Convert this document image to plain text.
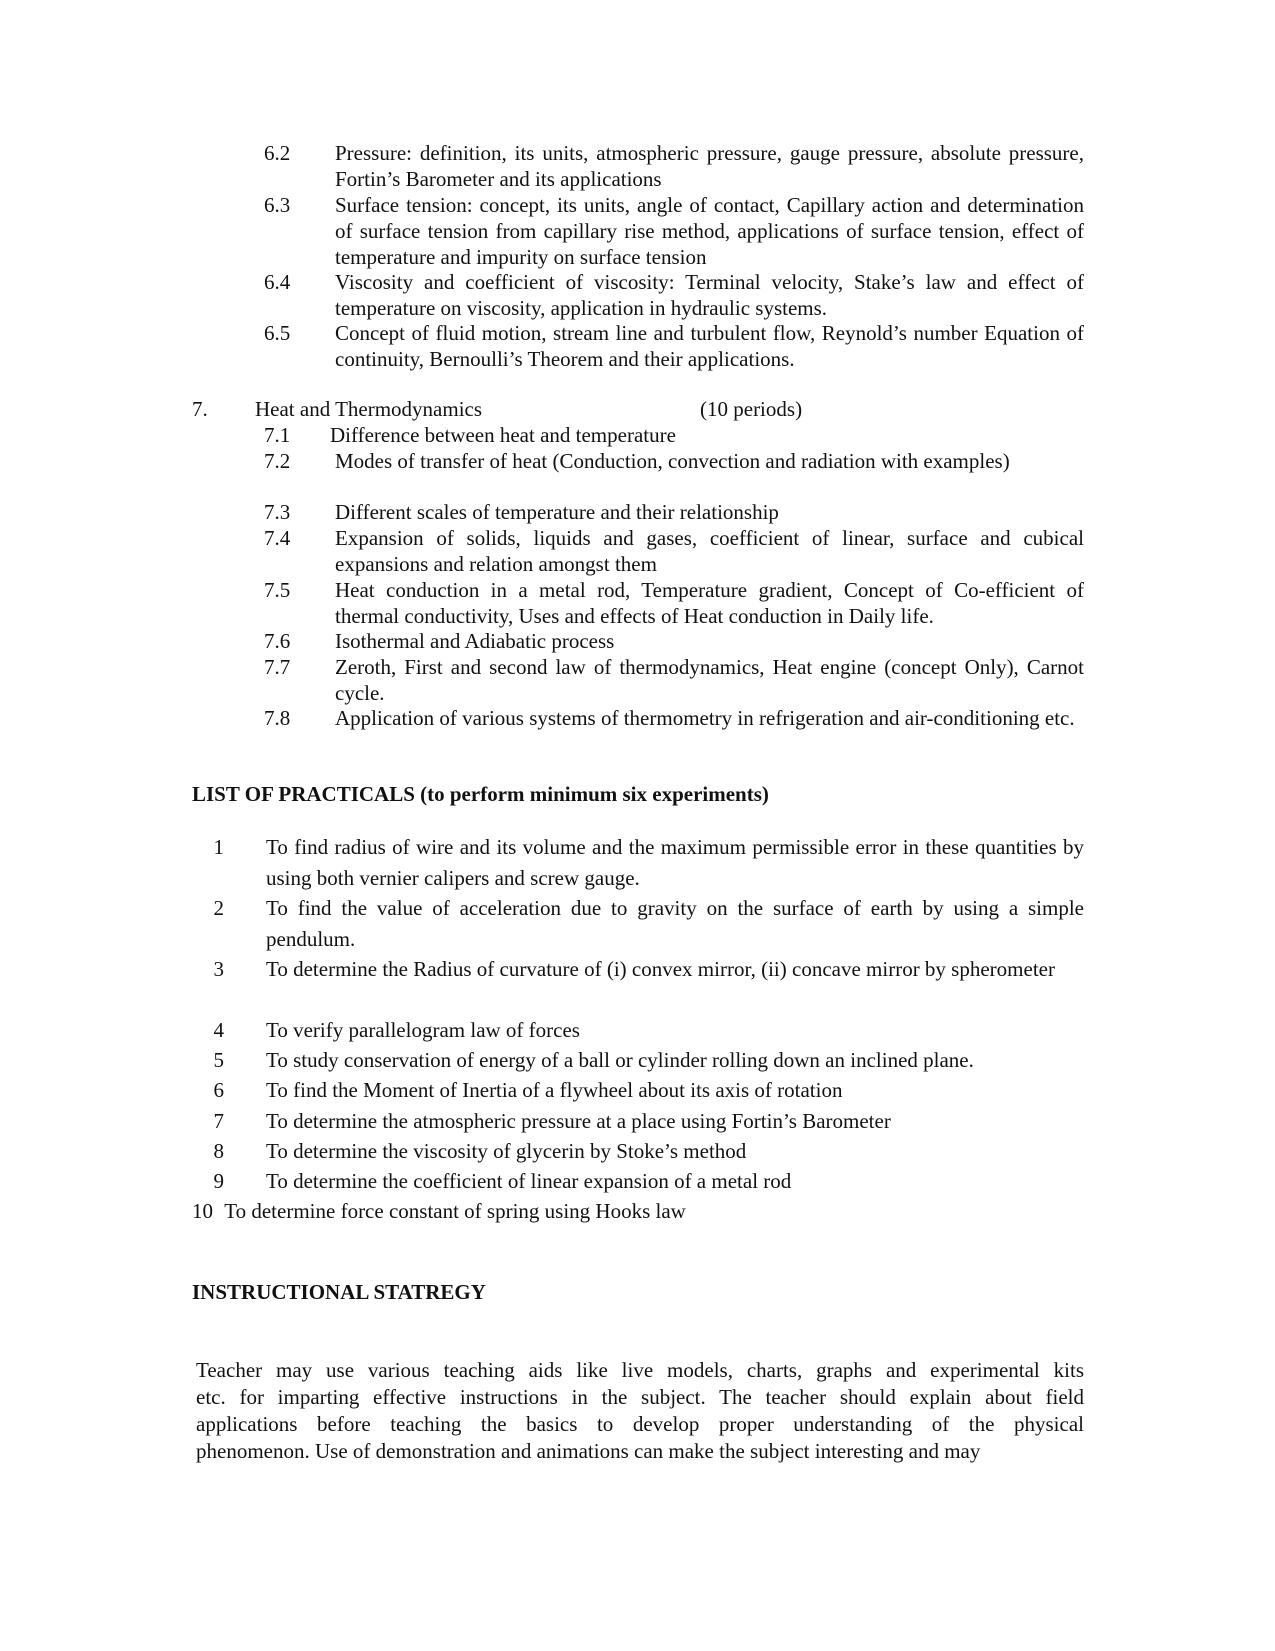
6.2 Pressure: definition, its units, atmospheric pressure, gauge pressure, absolute pressure, Fortin’s Barometer and its applications
6.3 Surface tension: concept, its units, angle of contact, Capillary action and determination of surface tension from capillary rise method, applications of surface tension, effect of temperature and impurity on surface tension
6.4 Viscosity and coefficient of viscosity: Terminal velocity, Stake’s law and effect of temperature on viscosity, application in hydraulic systems.
6.5 Concept of fluid motion, stream line and turbulent flow, Reynold’s number Equation of continuity, Bernoulli’s Theorem and their applications.
7. Heat and Thermodynamics	(10 periods)
7.1 Difference between heat and temperature
7.2 Modes of transfer of heat (Conduction, convection and radiation with examples)
7.3 Different scales of temperature and their relationship
7.4 Expansion of solids, liquids and gases, coefficient of linear, surface and cubical expansions and relation amongst them
7.5 Heat conduction in a metal rod, Temperature gradient, Concept of Co-efficient of thermal conductivity, Uses and effects of Heat conduction in Daily life.
7.6 Isothermal and Adiabatic process
7.7 Zeroth, First and second law of thermodynamics, Heat engine (concept Only), Carnot cycle.
7.8 Application of various systems of thermometry in refrigeration and air-conditioning etc.
LIST OF PRACTICALS (to perform minimum six experiments)
1 To find radius of wire and its volume and the maximum permissible error in these quantities by using both vernier calipers and screw gauge.
2 To find the value of acceleration due to gravity on the surface of earth by using a simple pendulum.
3 To determine the Radius of curvature of (i) convex mirror, (ii) concave mirror by spherometer
4 To verify parallelogram law of forces
5 To study conservation of energy of a ball or cylinder rolling down an inclined plane.
6 To find the Moment of Inertia of a flywheel about its axis of rotation
7 To determine the atmospheric pressure at a place using Fortin’s Barometer
8 To determine the viscosity of glycerin by Stoke’s method
9 To determine the coefficient of linear expansion of a metal rod
10 To determine force constant of spring using Hooks law
INSTRUCTIONAL STATREGY
Teacher may use various teaching aids like live models, charts, graphs and experimental kits
etc. for imparting effective instructions in the subject. The teacher should explain about field
applications before teaching the basics to develop proper understanding of the physical
phenomenon. Use of demonstration and animations can make the subject interesting and may
